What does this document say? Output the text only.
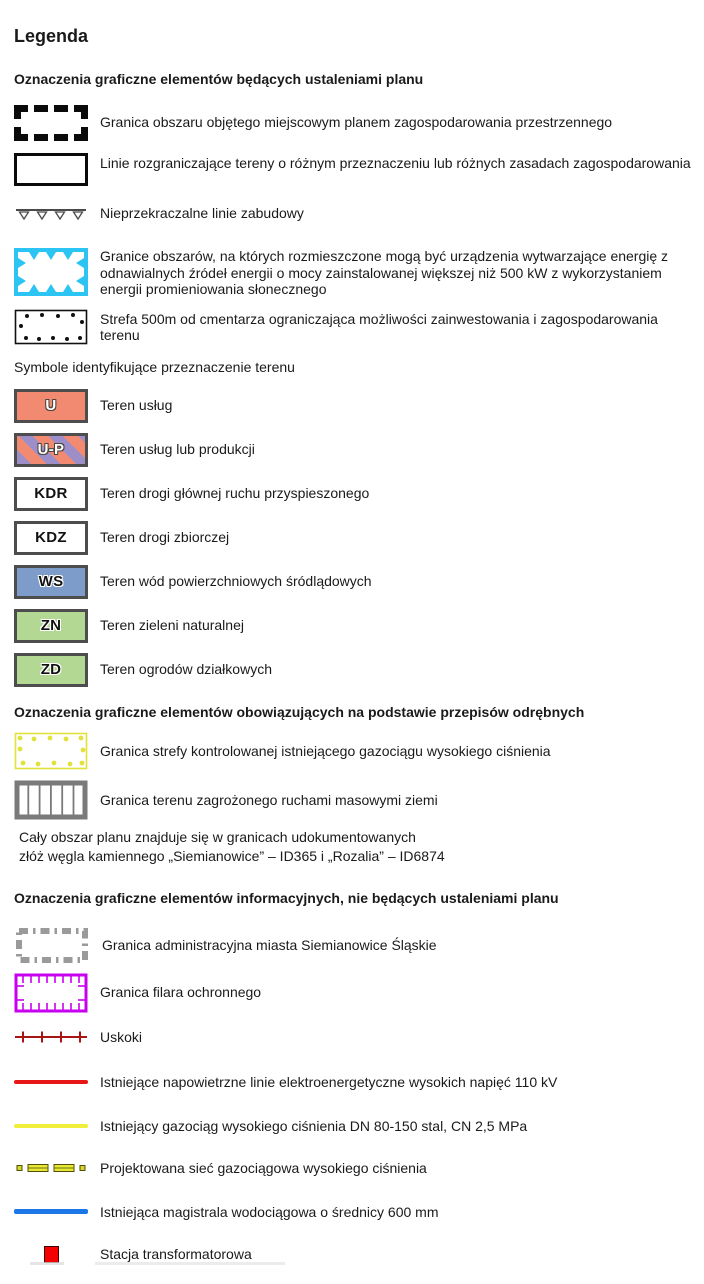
Legenda
Oznaczenia graficzne elementów będących ustaleniami planu
Granica obszaru objętego miejscowym planem zagospodarowania przestrzennego
Linie rozgraniczające tereny o różnym przeznaczeniu lub różnych zasadach zagospodarowania
Nieprzekraczalne linie zabudowy
Granice obszarów, na których rozmieszczone mogą być urządzenia wytwarzające energię z odnawialnych źródeł energii o mocy zainstalowanej większej niż 500 kW z wykorzystaniem energii promieniowania słonecznego
Strefa 500m od cmentarza ograniczająca możliwości zainwestowania i zagospodarowania terenu
Symbole identyfikujące przeznaczenie terenu
U	Teren usług
U-P	Teren usług lub produkcji
KDR Teren drogi głównej ruchu przyspieszonego
KDZ Teren drogi zbiorczej
WS	Teren wód powierzchniowych śródlądowych
ZN	Teren zieleni naturalnej
ZD	Teren ogrodów działkowych
Oznaczenia graficzne elementów obowiązujących na podstawie przepisów odrębnych
Granica strefy kontrolowanej istniejącego gazociągu wysokiego ciśnienia
Granica terenu zagrożonego ruchami masowymi ziemi
Cały obszar planu znajduje się w granicach udokumentowanych
złóż węgla kamiennego „Siemianowice” – ID365 i „Rozalia” – ID6874
Oznaczenia graficzne elementów informacyjnych, nie będących ustaleniami planu
Granica administracyjna miasta Siemianowice Śląskie
Granica filara ochronnego
Uskoki
Istniejące napowietrzne linie elektroenergetyczne wysokich napięć 110 kV
Istniejący gazociąg wysokiego ciśnienia DN 80-150 stal, CN 2,5 MPa
Projektowana sieć gazociągowa wysokiego ciśnienia
Istniejąca magistrala wodociągowa o średnicy 600 mm
Stacja transformatorowa
